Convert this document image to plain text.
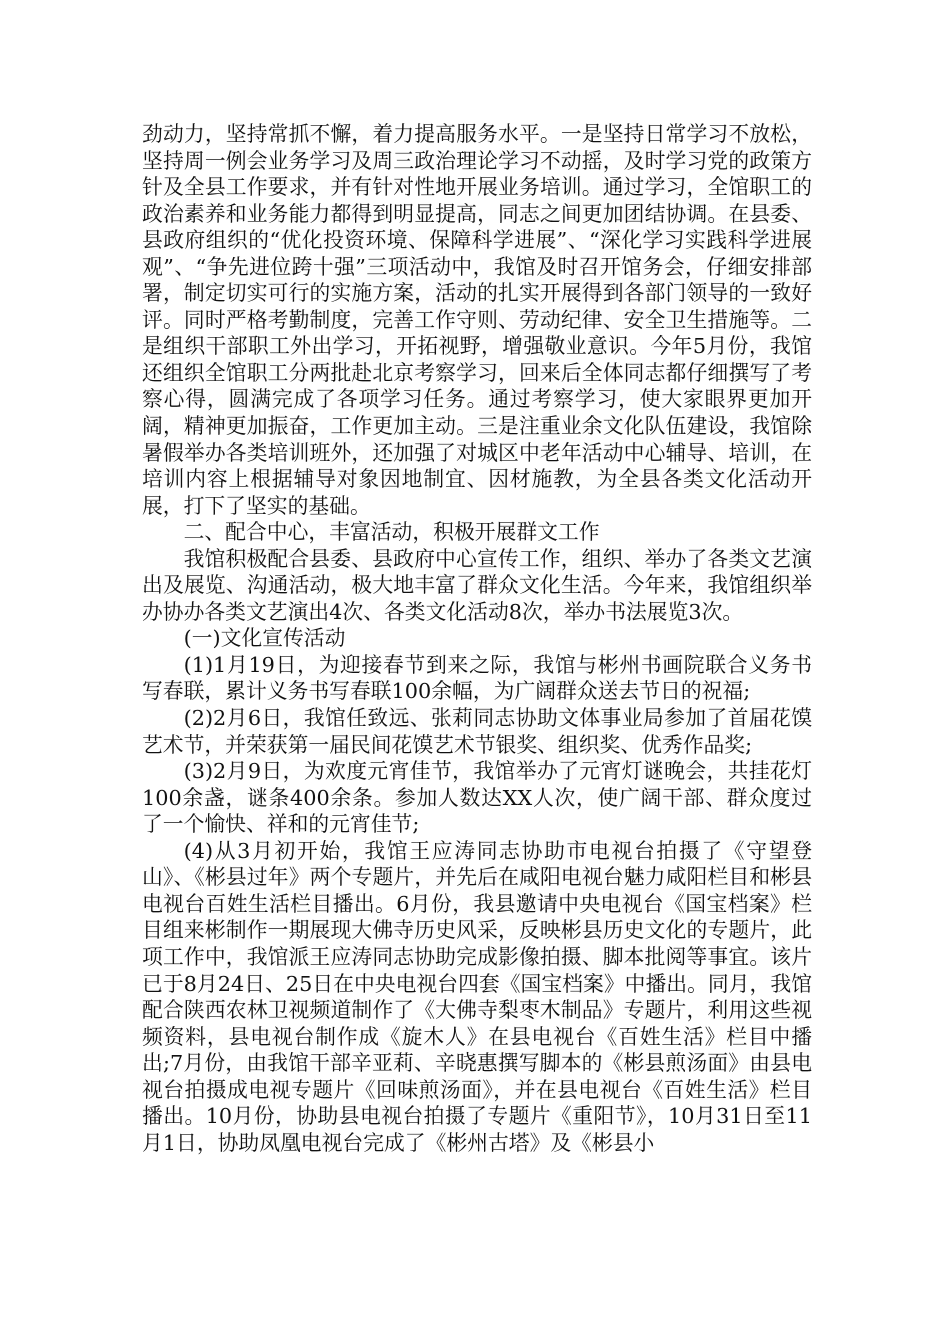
劲动力，坚持常抓不懈，着力提高服务水平。一是坚持日常学习不放松，坚持周一例会业务学习及周三政治理论学习不动摇，及时学习党的政策方针及全县工作要求，并有针对性地开展业务培训。通过学习，全馆职工的政治素养和业务能力都得到明显提高，同志之间更加团结协调。在县委、县政府组织的“优化投资环境、保障科学进展”、“深化学习实践科学进展观”、“争先进位跨十强”三项活动中，我馆及时召开馆务会，仔细安排部署，制定切实可行的实施方案，活动的扎实开展得到各部门领导的一致好评。同时严格考勤制度，完善工作守则、劳动纪律、安全卫生措施等。二是组织干部职工外出学习，开拓视野，增强敬业意识。今年5月份，我馆还组织全馆职工分两批赴北京考察学习，回来后全体同志都仔细撰写了考察心得，圆满完成了各项学习任务。通过考察学习，使大家眼界更加开阔，精神更加振奋，工作更加主动。三是注重业余文化队伍建设，我馆除暑假举办各类培训班外，还加强了对城区中老年活动中心辅导、培训，在培训内容上根据辅导对象因地制宜、因材施教，为全县各类文化活动开展，打下了坚实的基础。

二、配合中心，丰富活动，积极开展群文工作

我馆积极配合县委、县政府中心宣传工作，组织、举办了各类文艺演出及展览、沟通活动，极大地丰富了群众文化生活。今年来，我馆组织举办协办各类文艺演出4次、各类文化活动8次，举办书法展览3次。

(一)文化宣传活动

(1)1月19日，为迎接春节到来之际，我馆与彬州书画院联合义务书写春联，累计义务书写春联100余幅，为广阔群众送去节日的祝福;

(2)2月6日，我馆任致远、张莉同志协助文体事业局参加了首届花馍艺术节，并荣获第一届民间花馍艺术节银奖、组织奖、优秀作品奖;

(3)2月9日，为欢度元宵佳节，我馆举办了元宵灯谜晚会，共挂花灯100余盏，谜条400余条。参加人数达XX人次，使广阔干部、群众度过了一个愉快、祥和的元宵佳节;

(4)从3月初开始，我馆王应涛同志协助市电视台拍摄了《守望登山》、《彬县过年》两个专题片，并先后在咸阳电视台魅力咸阳栏目和彬县电视台百姓生活栏目播出。6月份，我县邀请中央电视台《国宝档案》栏目组来彬制作一期展现大佛寺历史风采，反映彬县历史文化的专题片，此项工作中，我馆派王应涛同志协助完成影像拍摄、脚本批阅等事宜。该片已于8月24日、25日在中央电视台四套《国宝档案》中播出。同月，我馆配合陕西农林卫视频道制作了《大佛寺梨枣木制品》专题片，利用这些视频资料，县电视台制作成《旋木人》在县电视台《百姓生活》栏目中播出;7月份，由我馆干部辛亚莉、辛晓惠撰写脚本的《彬县煎汤面》由县电视台拍摄成电视专题片《回味煎汤面》，并在县电视台《百姓生活》栏目播出。10月份，协助县电视台拍摄了专题片《重阳节》，10月31日至11月1日，协助凤凰电视台完成了《彬州古塔》及《彬县小
